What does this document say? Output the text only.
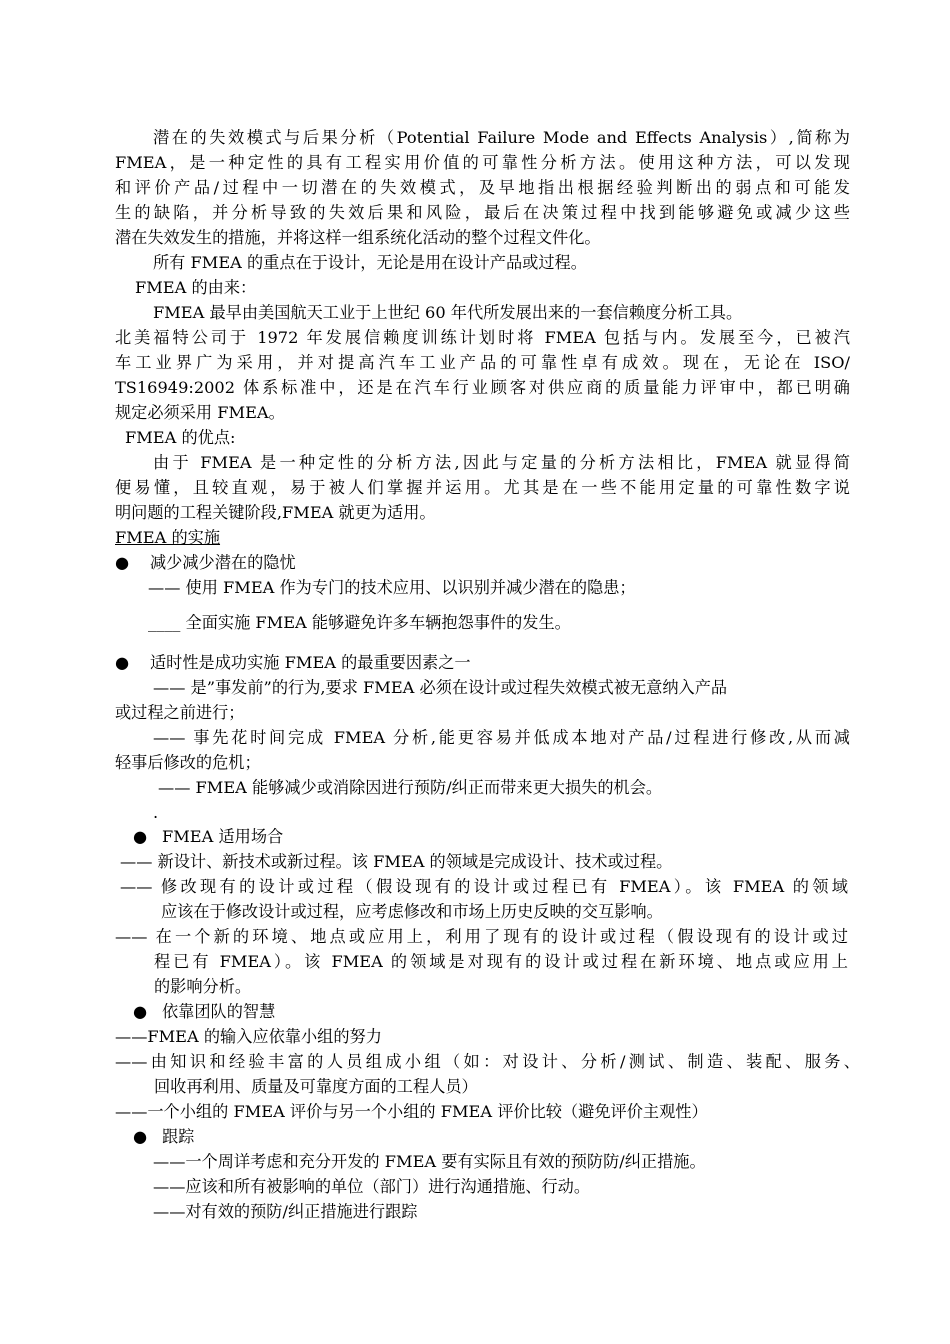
潜在的失效模式与后果分析（Potential Failure Mode and Effects Analysis）,简称为
FMEA，是一种定性的具有工程实用价值的可靠性分析方法。使用这种方法，可以发现
和评价产品/过程中一切潜在的失效模式，及早地指出根据经验判断出的弱点和可能发
生的缺陷，并分析导致的失效后果和风险，最后在决策过程中找到能够避免或减少这些
潜在失效发生的措施，并将这样一组系统化活动的整个过程文件化。
所有 FMEA 的重点在于设计，无论是用在设计产品或过程。
FMEA 的由来：
FMEA 最早由美国航天工业于上世纪 60 年代所发展出来的一套信赖度分析工具。
北美福特公司于 1972 年发展信赖度训练计划时将 FMEA 包括与内。发展至今，已被汽
车工业界广为采用，并对提高汽车工业产品的可靠性卓有成效。现在，无论在 ISO/
TS16949:2002 体系标准中，还是在汽车行业顾客对供应商的质量能力评审中，都已明确
规定必须采用 FMEA。
FMEA 的优点:
由于 FMEA 是一种定性的分析方法,因此与定量的分析方法相比，FMEA 就显得简
便易懂，且较直观，易于被人们掌握并运用。尤其是在一些不能用定量的可靠性数字说
明问题的工程关键阶段,FMEA 就更为适用。
FMEA 的实施
● 减少减少潜在的隐忧
—— 使用 FMEA 作为专门的技术应用、以识别并减少潜在的隐患；
____ 全面实施 FMEA 能够避免许多车辆抱怨事件的发生。
● 适时性是成功实施 FMEA 的最重要因素之一
—— 是”事发前”的行为,要求 FMEA 必须在设计或过程失效模式被无意纳入产品
或过程之前进行；
—— 事先花时间完成 FMEA 分析,能更容易并低成本地对产品/过程进行修改,从而减
轻事后修改的危机；
—— FMEA 能够减少或消除因进行预防/纠正而带来更大损失的机会。
.
● FMEA 适用场合
—— 新设计、新技术或新过程。该 FMEA 的领域是完成设计、技术或过程。
—— 修改现有的设计或过程（假设现有的设计或过程已有 FMEA）。该 FMEA 的领域
应该在于修改设计或过程，应考虑修改和市场上历史反映的交互影响。
—— 在一个新的环境、地点或应用上，利用了现有的设计或过程（假设现有的设计或过
程已有 FMEA）。该 FMEA 的领域是对现有的设计或过程在新环境、地点或应用上
的影响分析。
● 依靠团队的智慧
——FMEA 的输入应依靠小组的努力
——由知识和经验丰富的人员组成小组（如：对设计、分析/测试、制造、装配、服务、
回收再利用、质量及可靠度方面的工程人员）
——一个小组的 FMEA 评价与另一个小组的 FMEA 评价比较（避免评价主观性）
● 跟踪
——一个周详考虑和充分开发的 FMEA 要有实际且有效的预防防/纠正措施。
——应该和所有被影响的单位（部门）进行沟通措施、行动。
——对有效的预防/纠正措施进行跟踪
